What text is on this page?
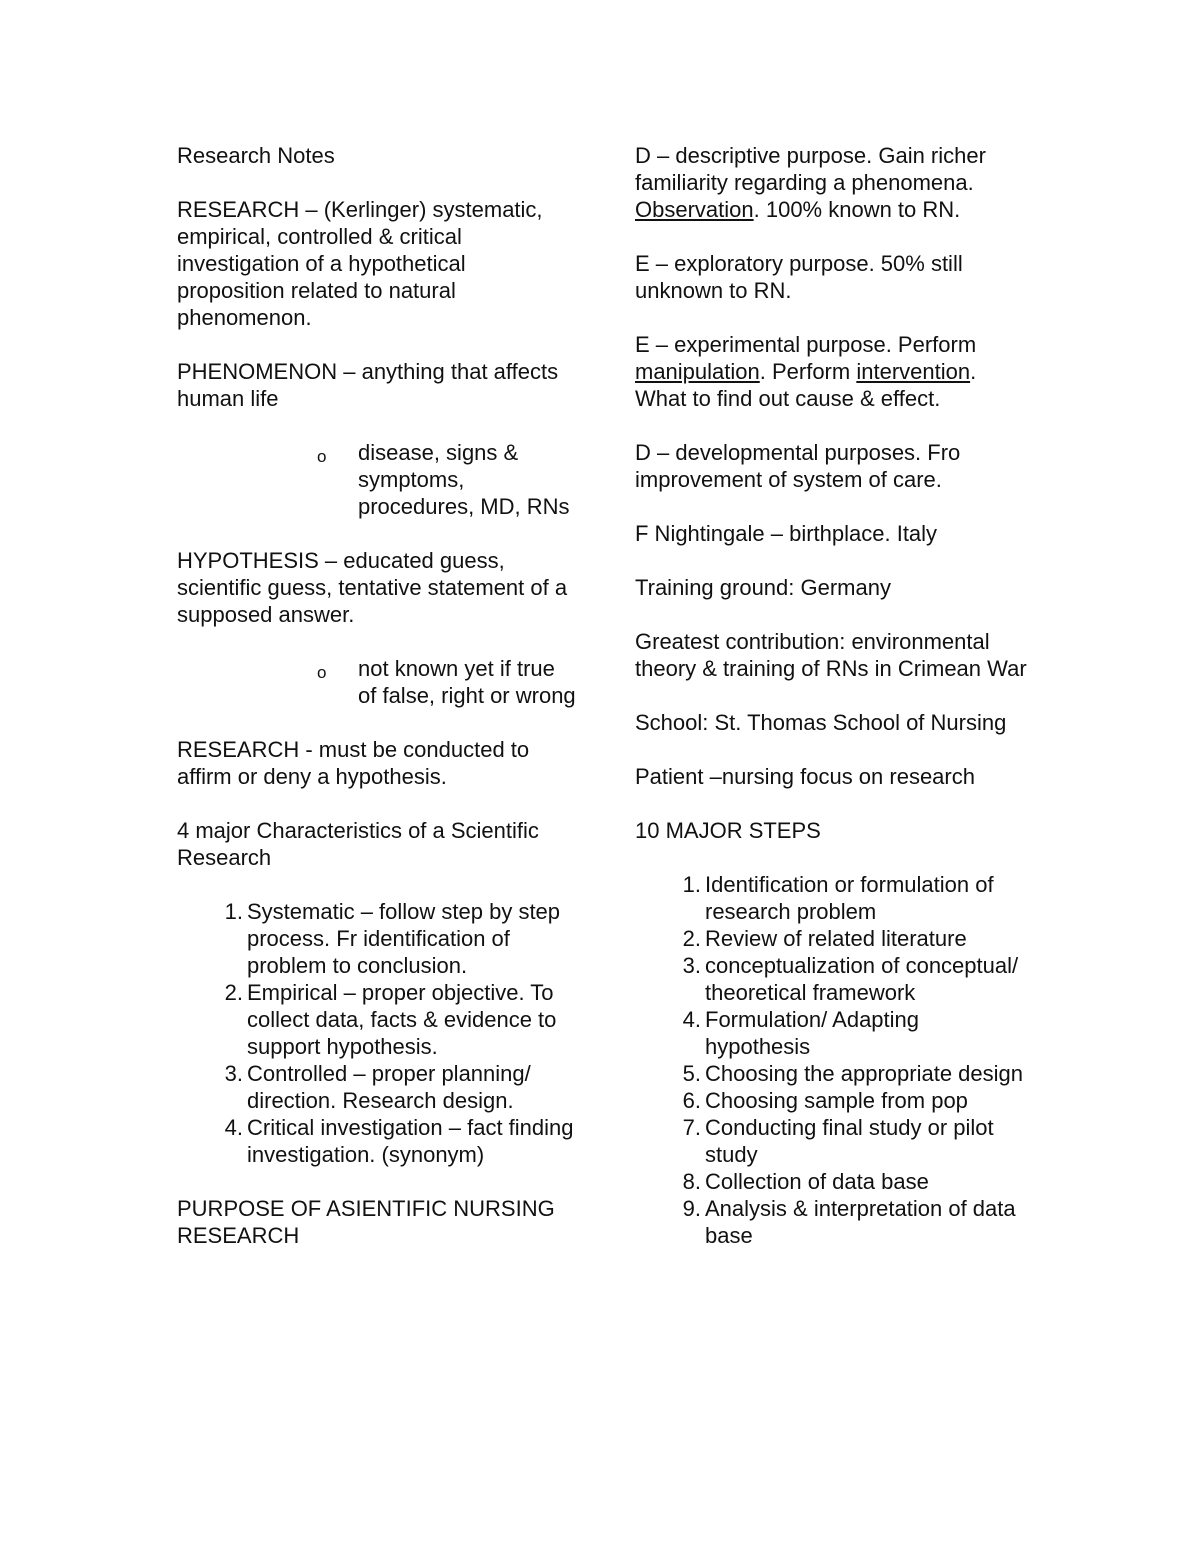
Research Notes

RESEARCH – (Kerlinger) systematic, empirical, controlled & critical investigation of a hypothetical proposition related to natural phenomenon.

PHENOMENON – anything that affects human life

o disease, signs & symptoms, procedures, MD, RNs

HYPOTHESIS – educated guess, scientific guess, tentative statement of a supposed answer.

o not known yet if true of false, right or wrong

RESEARCH - must be conducted to affirm or deny a hypothesis.

4 major Characteristics of a Scientific Research

1. Systematic – follow step by step process. Fr identification of problem to conclusion.
2. Empirical – proper objective. To collect data, facts & evidence to support hypothesis.
3. Controlled – proper planning/ direction. Research design.
4. Critical investigation – fact finding investigation. (synonym)

PURPOSE OF ASIENTIFIC NURSING RESEARCH

D – descriptive purpose. Gain richer familiarity regarding a phenomena. Observation. 100% known to RN.

E – exploratory purpose. 50% still unknown to RN.

E – experimental purpose. Perform manipulation. Perform intervention. What to find out cause & effect.

D – developmental purposes. Fro improvement of system of care.

F Nightingale – birthplace. Italy

Training ground: Germany

Greatest contribution: environmental theory & training of RNs in Crimean War

School: St. Thomas School of Nursing

Patient –nursing focus on research

10 MAJOR STEPS

1. Identification or formulation of research problem
2. Review of related literature
3. conceptualization of conceptual/ theoretical framework
4. Formulation/ Adapting hypothesis
5. Choosing the appropriate design
6. Choosing sample from pop
7. Conducting final study or pilot study
8. Collection of data base
9. Analysis & interpretation of data base
